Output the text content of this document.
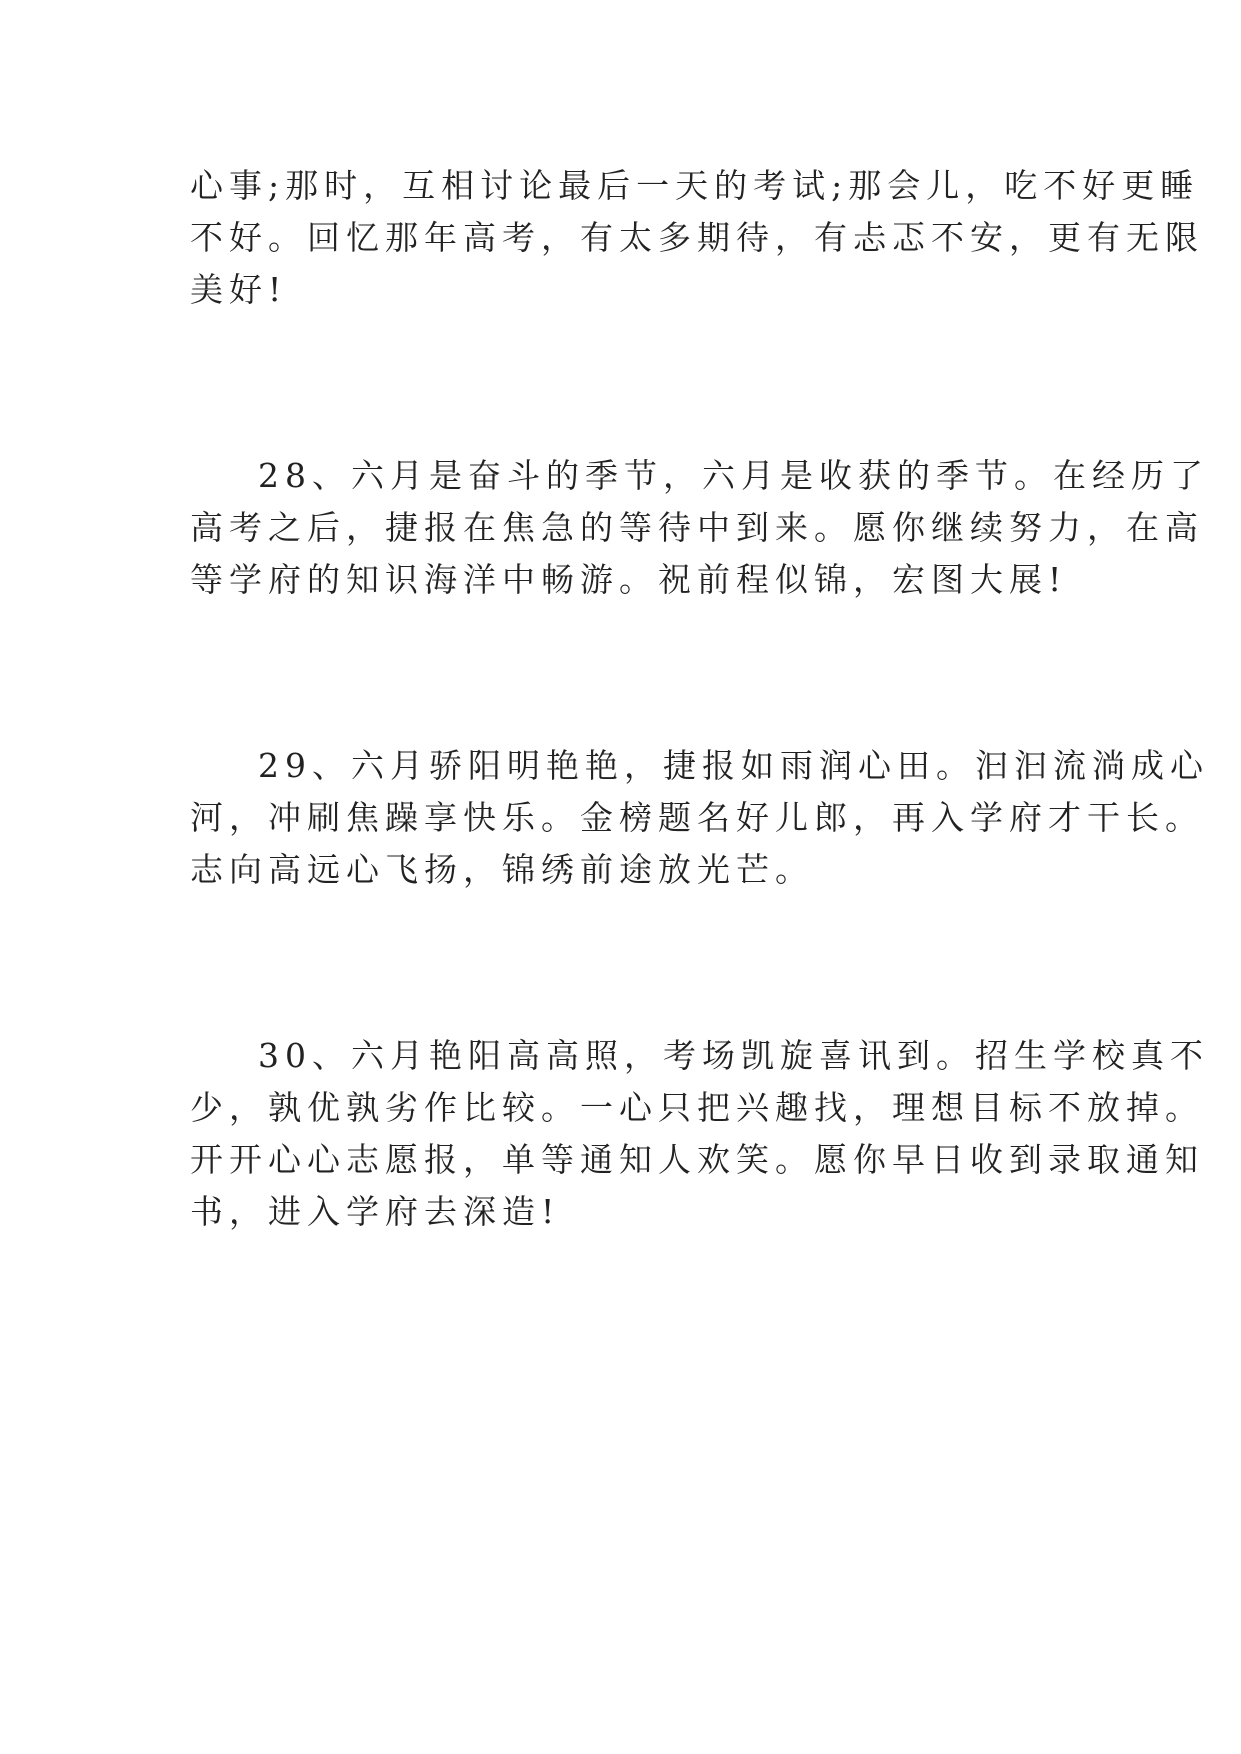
心事;那时，互相讨论最后一天的考试;那会儿，吃不好更睡
不好。回忆那年高考，有太多期待，有忐忑不安，更有无限
美好!

28、六月是奋斗的季节，六月是收获的季节。在经历了
高考之后，捷报在焦急的等待中到来。愿你继续努力，在高
等学府的知识海洋中畅游。祝前程似锦，宏图大展!

29、六月骄阳明艳艳，捷报如雨润心田。汩汩流淌成心
河，冲刷焦躁享快乐。金榜题名好儿郎，再入学府才干长。
志向高远心飞扬，锦绣前途放光芒。

30、六月艳阳高高照，考场凯旋喜讯到。招生学校真不
少，孰优孰劣作比较。一心只把兴趣找，理想目标不放掉。
开开心心志愿报，单等通知人欢笑。愿你早日收到录取通知
书，进入学府去深造!
